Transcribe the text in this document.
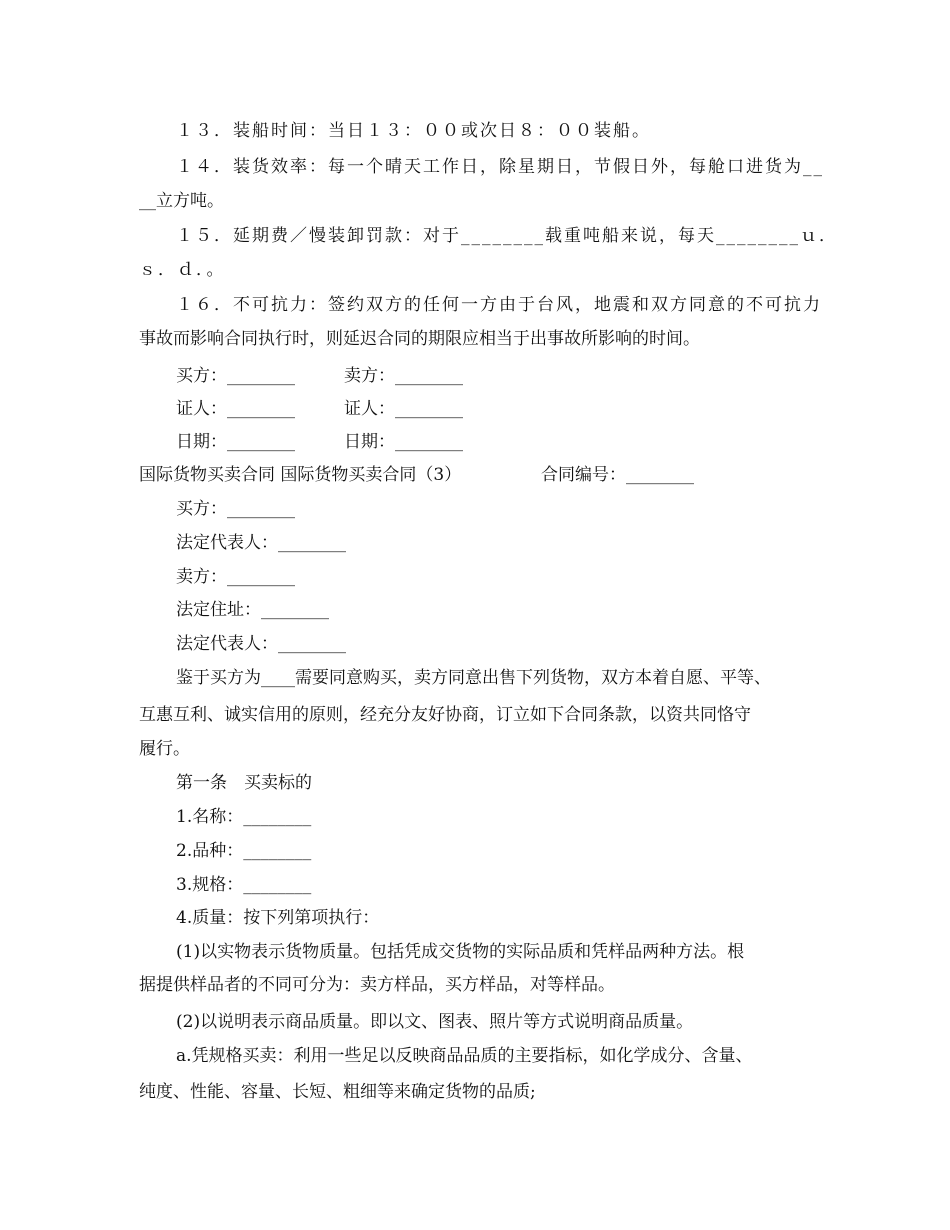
１３．装船时间：当日１３：００或次日８：００装船。
１４．装货效率：每一个晴天工作日，除星期日，节假日外，每舱口进货为__
__立方吨。
１５．延期费／慢装卸罚款：对于________载重吨船来说，每天________ｕ．
ｓ．ｄ．。
１６．不可抗力：签约双方的任何一方由于台风，地震和双方同意的不可抗力
事故而影响合同执行时，则延迟合同的期限应相当于出事故所影响的时间。
买方：________	卖方：________
证人：________	证人：________
日期：________	日期：________
国际货物买卖合同 国际货物买卖合同（3）	合同编号：________
买方：________
法定代表人：________
卖方：________
法定住址：________
法定代表人：________
鉴于买方为____需要同意购买，卖方同意出售下列货物，双方本着自愿、平等、
互惠互利、诚实信用的原则，经充分友好协商，订立如下合同条款，以资共同恪守
履行。
第一条　买卖标的
1.名称：________
2.品种：________
3.规格：________
4.质量：按下列第项执行：
(1)以实物表示货物质量。包括凭成交货物的实际品质和凭样品两种方法。根
据提供样品者的不同可分为：卖方样品，买方样品，对等样品。
(2)以说明表示商品质量。即以文、图表、照片等方式说明商品质量。
a.凭规格买卖：利用一些足以反映商品品质的主要指标，如化学成分、含量、
纯度、性能、容量、长短、粗细等来确定货物的品质;
